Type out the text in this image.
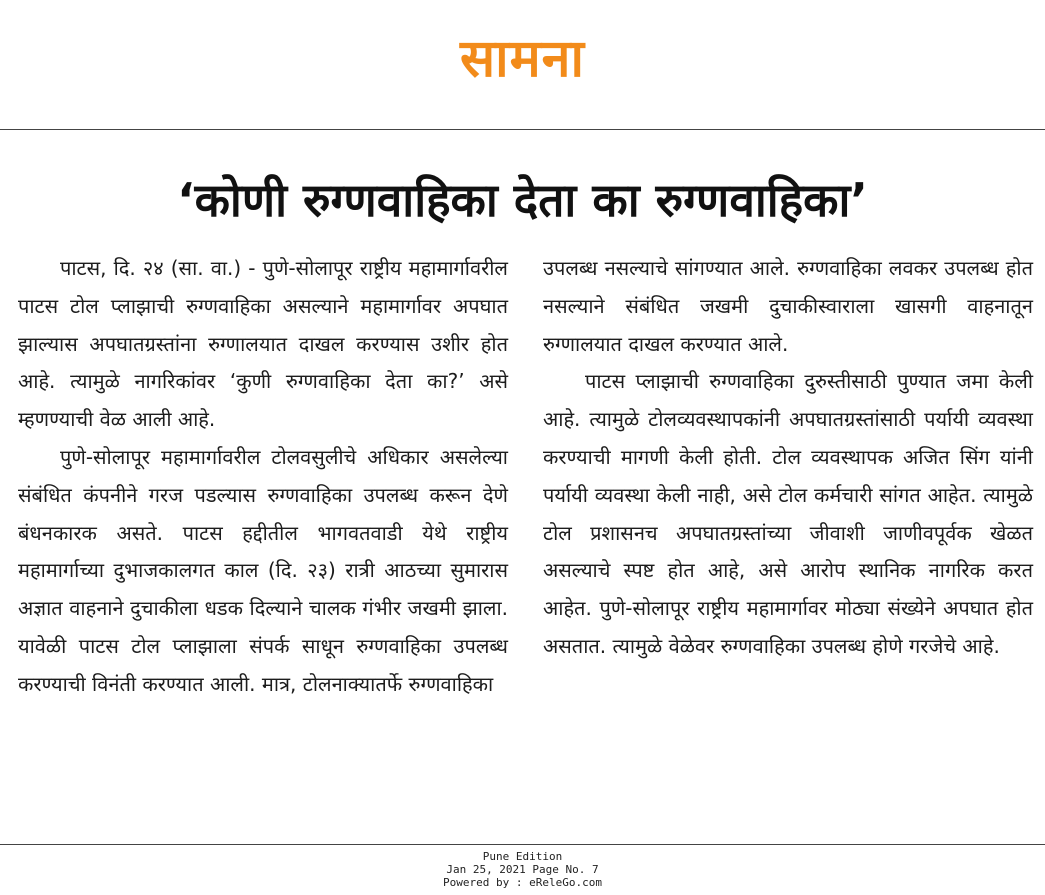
सामना
‘कोणी रुग्णवाहिका देता का रुग्णवाहिका’

पाटस, दि. २४ (सा. वा.) - पुणे-सोलापूर राष्ट्रीय महामार्गावरील पाटस टोल प्लाझाची रुग्णवाहिका असल्याने महामार्गावर अपघात झाल्यास अपघातग्रस्तांना रुग्णालयात दाखल करण्यास उशीर होत आहे. त्यामुळे नागरिकांवर ‘कुणी रुग्णवाहिका देता का?’ असे म्हणण्याची वेळ आली आहे.

पुणे-सोलापूर महामार्गावरील टोलवसुलीचे अधिकार असलेल्या संबंधित कंपनीने गरज पडल्यास रुग्णवाहिका उपलब्ध करून देणे बंधनकारक असते. पाटस हद्दीतील भागवतवाडी येथे राष्ट्रीय महामार्गाच्या दुभाजकालगत काल (दि. २३) रात्री आठच्या सुमारास अज्ञात वाहनाने दुचाकीला धडक दिल्याने चालक गंभीर जखमी झाला. यावेळी पाटस टोल प्लाझाला संपर्क साधून रुग्णवाहिका उपलब्ध करण्याची विनंती करण्यात आली. मात्र, टोलनाक्यातर्फे रुग्णवाहिका

उपलब्ध नसल्याचे सांगण्यात आले. रुग्णवाहिका लवकर उपलब्ध होत नसल्याने संबंधित जखमी दुचाकीस्वाराला खासगी वाहनातून रुग्णालयात दाखल करण्यात आले.

पाटस प्लाझाची रुग्णवाहिका दुरुस्तीसाठी पुण्यात जमा केली आहे. त्यामुळे टोलव्यवस्थापकांनी अपघातग्रस्तांसाठी पर्यायी व्यवस्था करण्याची मागणी केली होती. टोल व्यवस्थापक अजित सिंग यांनी पर्यायी व्यवस्था केली नाही, असे टोल कर्मचारी सांगत आहेत. त्यामुळे टोल प्रशासनच अपघातग्रस्तांच्या जीवाशी जाणीवपूर्वक खेळत असल्याचे स्पष्ट होत आहे, असे आरोप स्थानिक नागरिक करत आहेत. पुणे-सोलापूर राष्ट्रीय महामार्गावर मोठ्या संख्येने अपघात होत असतात. त्यामुळे वेळेवर रुग्णवाहिका उपलब्ध होणे गरजेचे आहे.

Pune Edition
Jan 25, 2021 Page No. 7
Powered by : eReleGo.com
